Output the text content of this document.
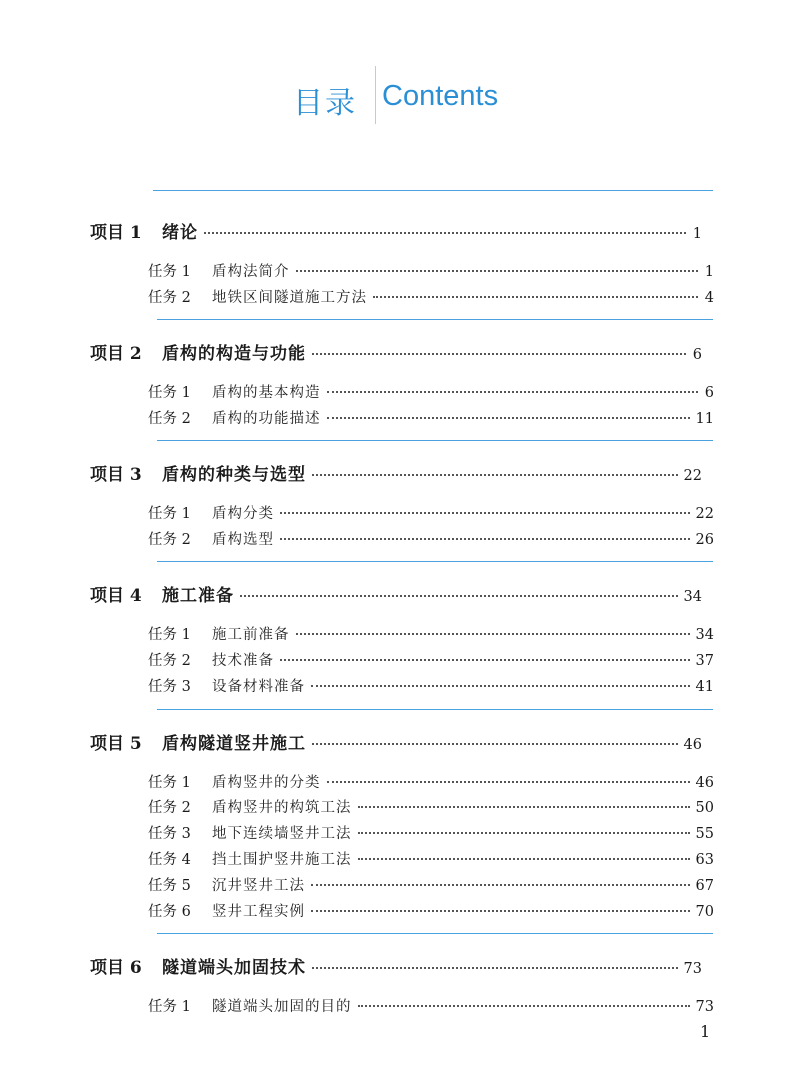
目录 Contents
项目 1	绪论	1
任务 1	盾构法简介	1
任务 2	地铁区间隧道施工方法	4
项目 2	盾构的构造与功能	6
任务 1	盾构的基本构造	6
任务 2	盾构的功能描述	11
项目 3	盾构的种类与选型	22
任务 1	盾构分类	22
任务 2	盾构选型	26
项目 4	施工准备	34
任务 1	施工前准备	34
任务 2	技术准备	37
任务 3	设备材料准备	41
项目 5	盾构隧道竖井施工	46
任务 1	盾构竖井的分类	46
任务 2	盾构竖井的构筑工法	50
任务 3	地下连续墙竖井工法	55
任务 4	挡土围护竖井施工法	63
任务 5	沉井竖井工法	67
任务 6	竖井工程实例	70
项目 6	隧道端头加固技术	73
任务 1	隧道端头加固的目的	73
1
